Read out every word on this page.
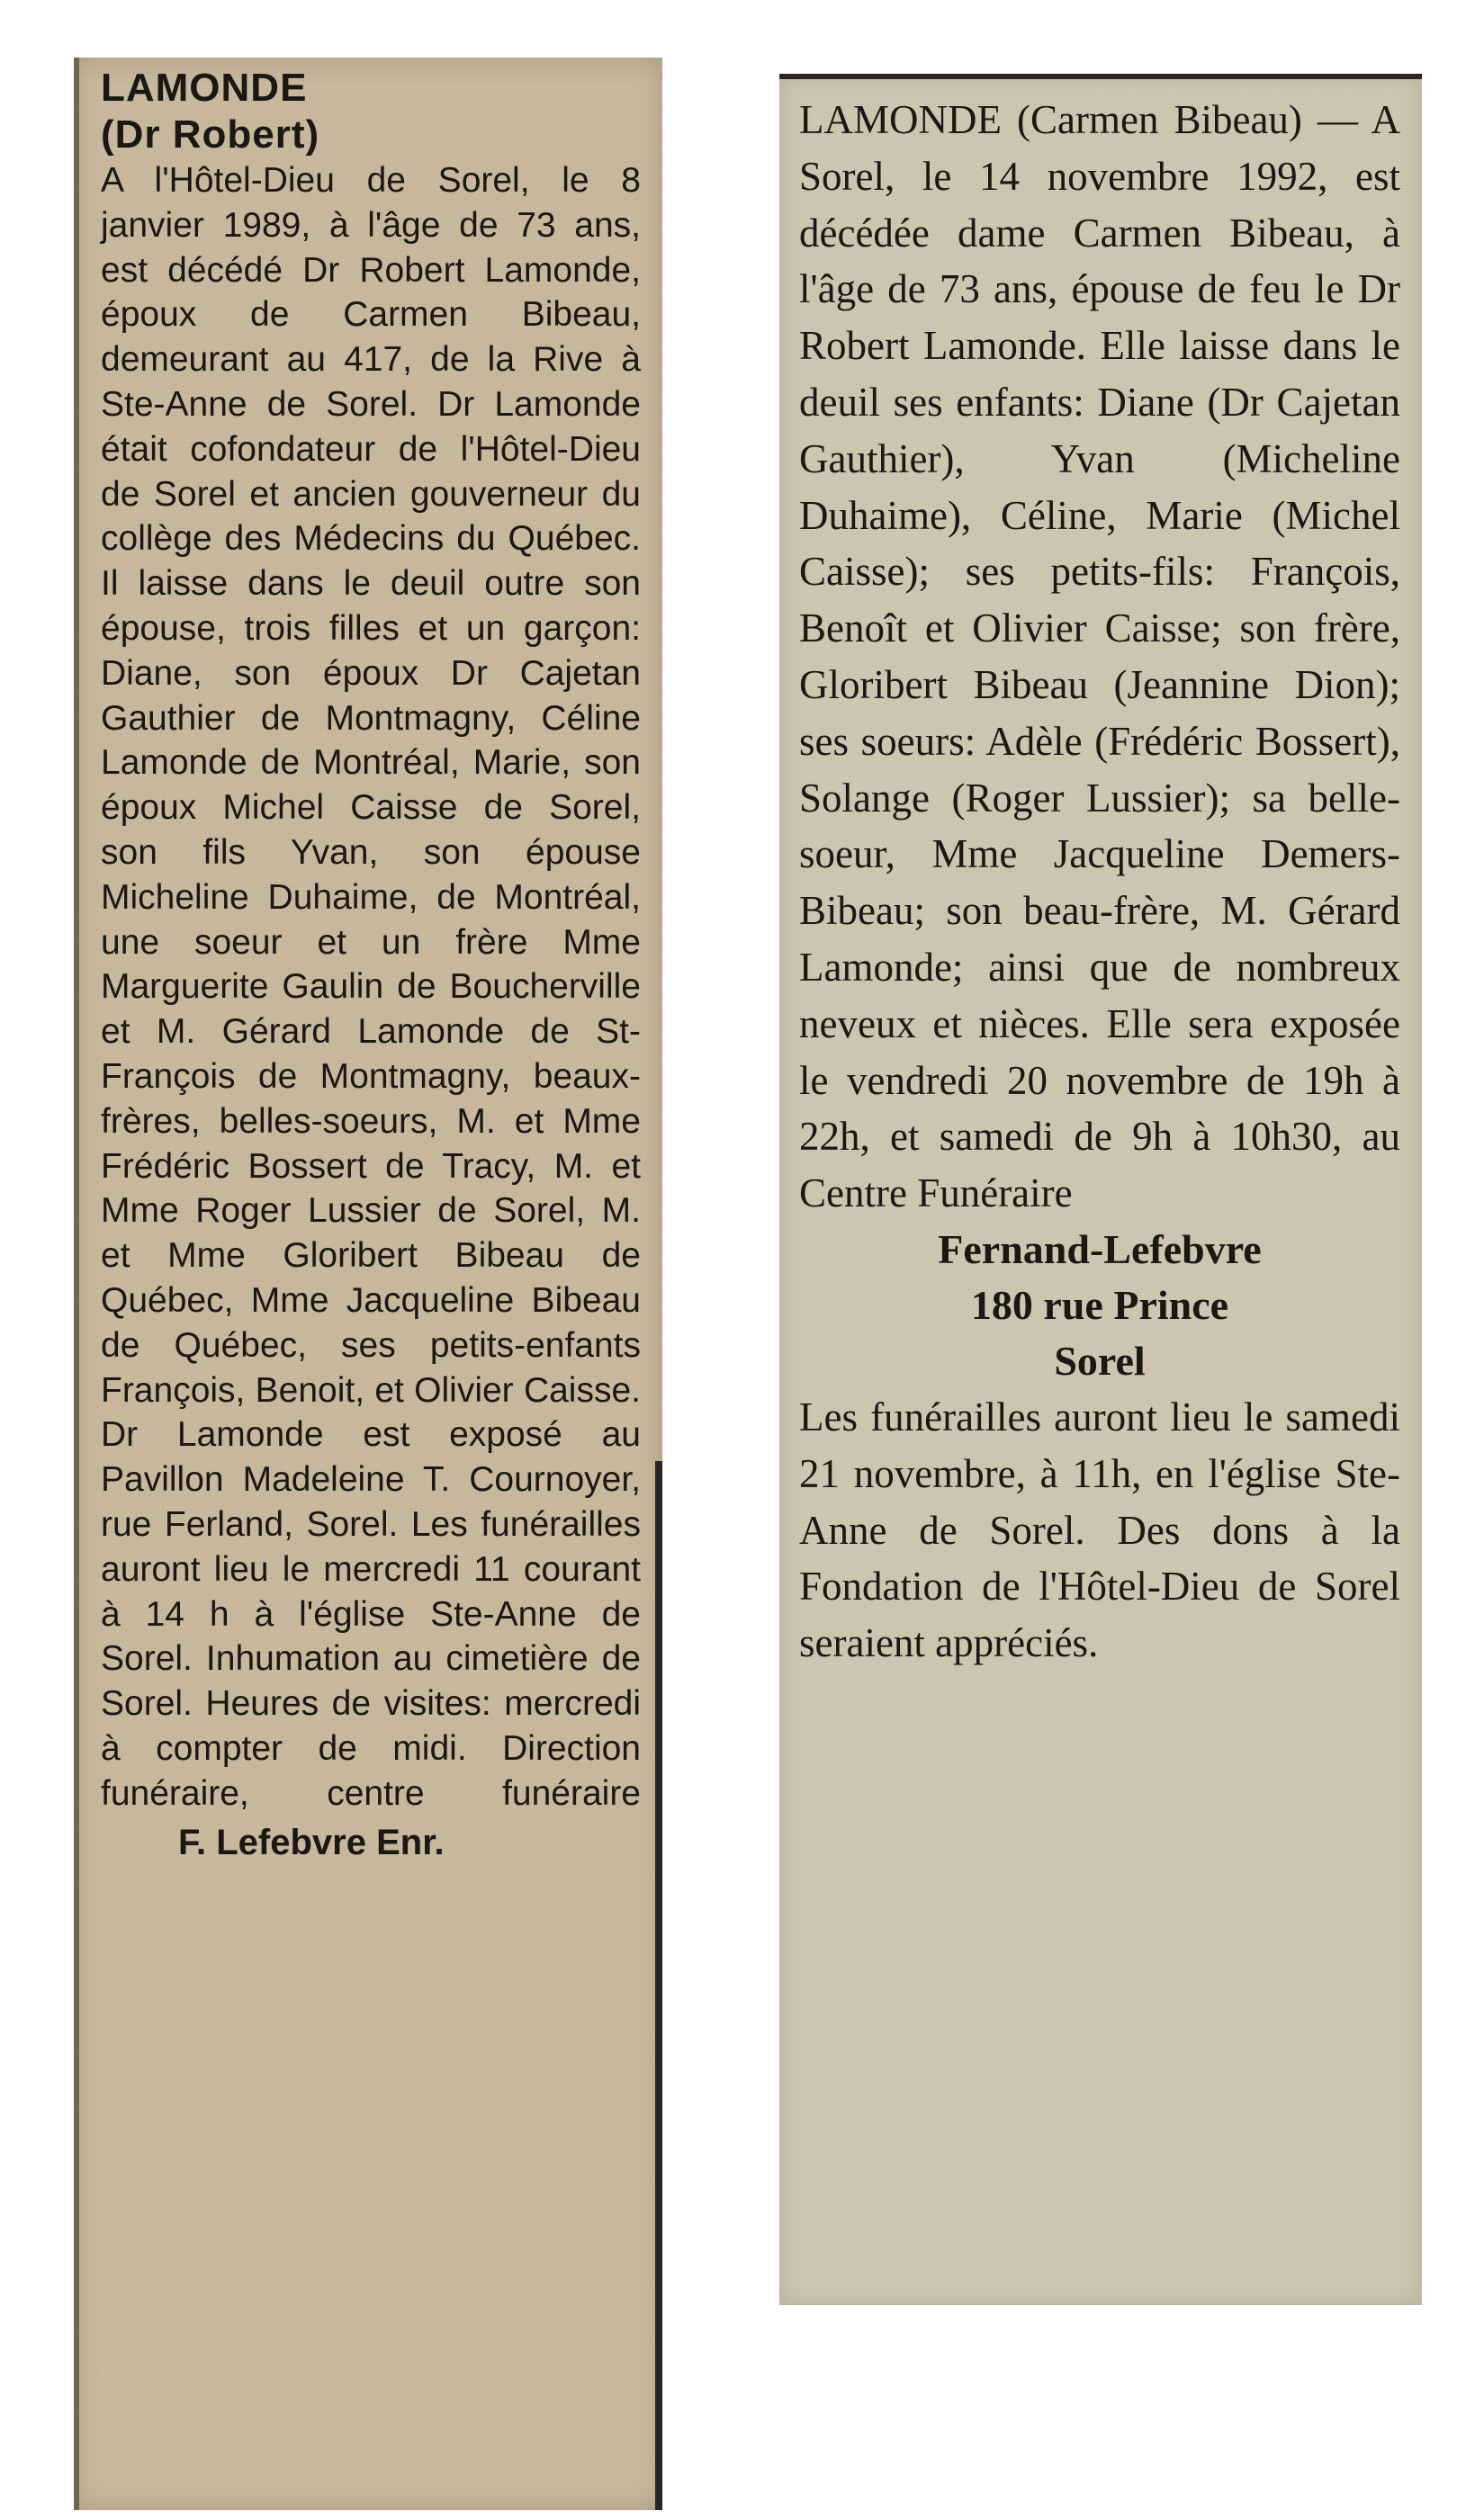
LAMONDE
(Dr Robert)
A l'Hôtel-Dieu de Sorel, le 8 janvier 1989, à l'âge de 73 ans, est décédé Dr Robert Lamonde, époux de Carmen Bibeau, demeurant au 417, de la Rive à Ste-Anne de Sorel. Dr Lamonde était cofondateur de l'Hôtel-Dieu de Sorel et ancien gouverneur du collège des Médecins du Québec. Il laisse dans le deuil outre son épouse, trois filles et un garçon: Diane, son époux Dr Cajetan Gauthier de Montmagny, Céline Lamonde de Montréal, Marie, son époux Michel Caisse de Sorel, son fils Yvan, son épouse Micheline Duhaime, de Montréal, une soeur et un frère Mme Marguerite Gaulin de Boucherville et M. Gérard Lamonde de St-François de Montmagny, beaux-frères, belles-soeurs, M. et Mme Frédéric Bossert de Tracy, M. et Mme Roger Lussier de Sorel, M. et Mme Gloribert Bibeau de Québec, Mme Jacqueline Bibeau de Québec, ses petits-enfants François, Benoit, et Olivier Caisse. Dr Lamonde est exposé au Pavillon Madeleine T. Cournoyer, rue Ferland, Sorel. Les funérailles auront lieu le mercredi 11 courant à 14 h à l'église Ste-Anne de Sorel. Inhumation au cimetière de Sorel. Heures de visites: mercredi à compter de midi. Direction funéraire, centre funéraire
F. Lefebvre Enr.
LAMONDE (Carmen Bibeau) — A Sorel, le 14 novembre 1992, est décédée dame Carmen Bibeau, à l'âge de 73 ans, épouse de feu le Dr Robert Lamonde. Elle laisse dans le deuil ses enfants: Diane (Dr Cajetan Gauthier), Yvan (Micheline Duhaime), Céline, Marie (Michel Caisse); ses petits-fils: François, Benoît et Olivier Caisse; son frère, Gloribert Bibeau (Jeannine Dion); ses soeurs: Adèle (Frédéric Bossert), Solange (Roger Lussier); sa belle-soeur, Mme Jacqueline Demers-Bibeau; son beau-frère, M. Gérard Lamonde; ainsi que de nombreux neveux et nièces. Elle sera exposée le vendredi 20 novembre de 19h à 22h, et samedi de 9h à 10h30, au Centre Funéraire
Fernand-Lefebvre
180 rue Prince
Sorel
Les funérailles auront lieu le samedi 21 novembre, à 11h, en l'église Ste-Anne de Sorel. Des dons à la Fondation de l'Hôtel-Dieu de Sorel seraient appréciés.
